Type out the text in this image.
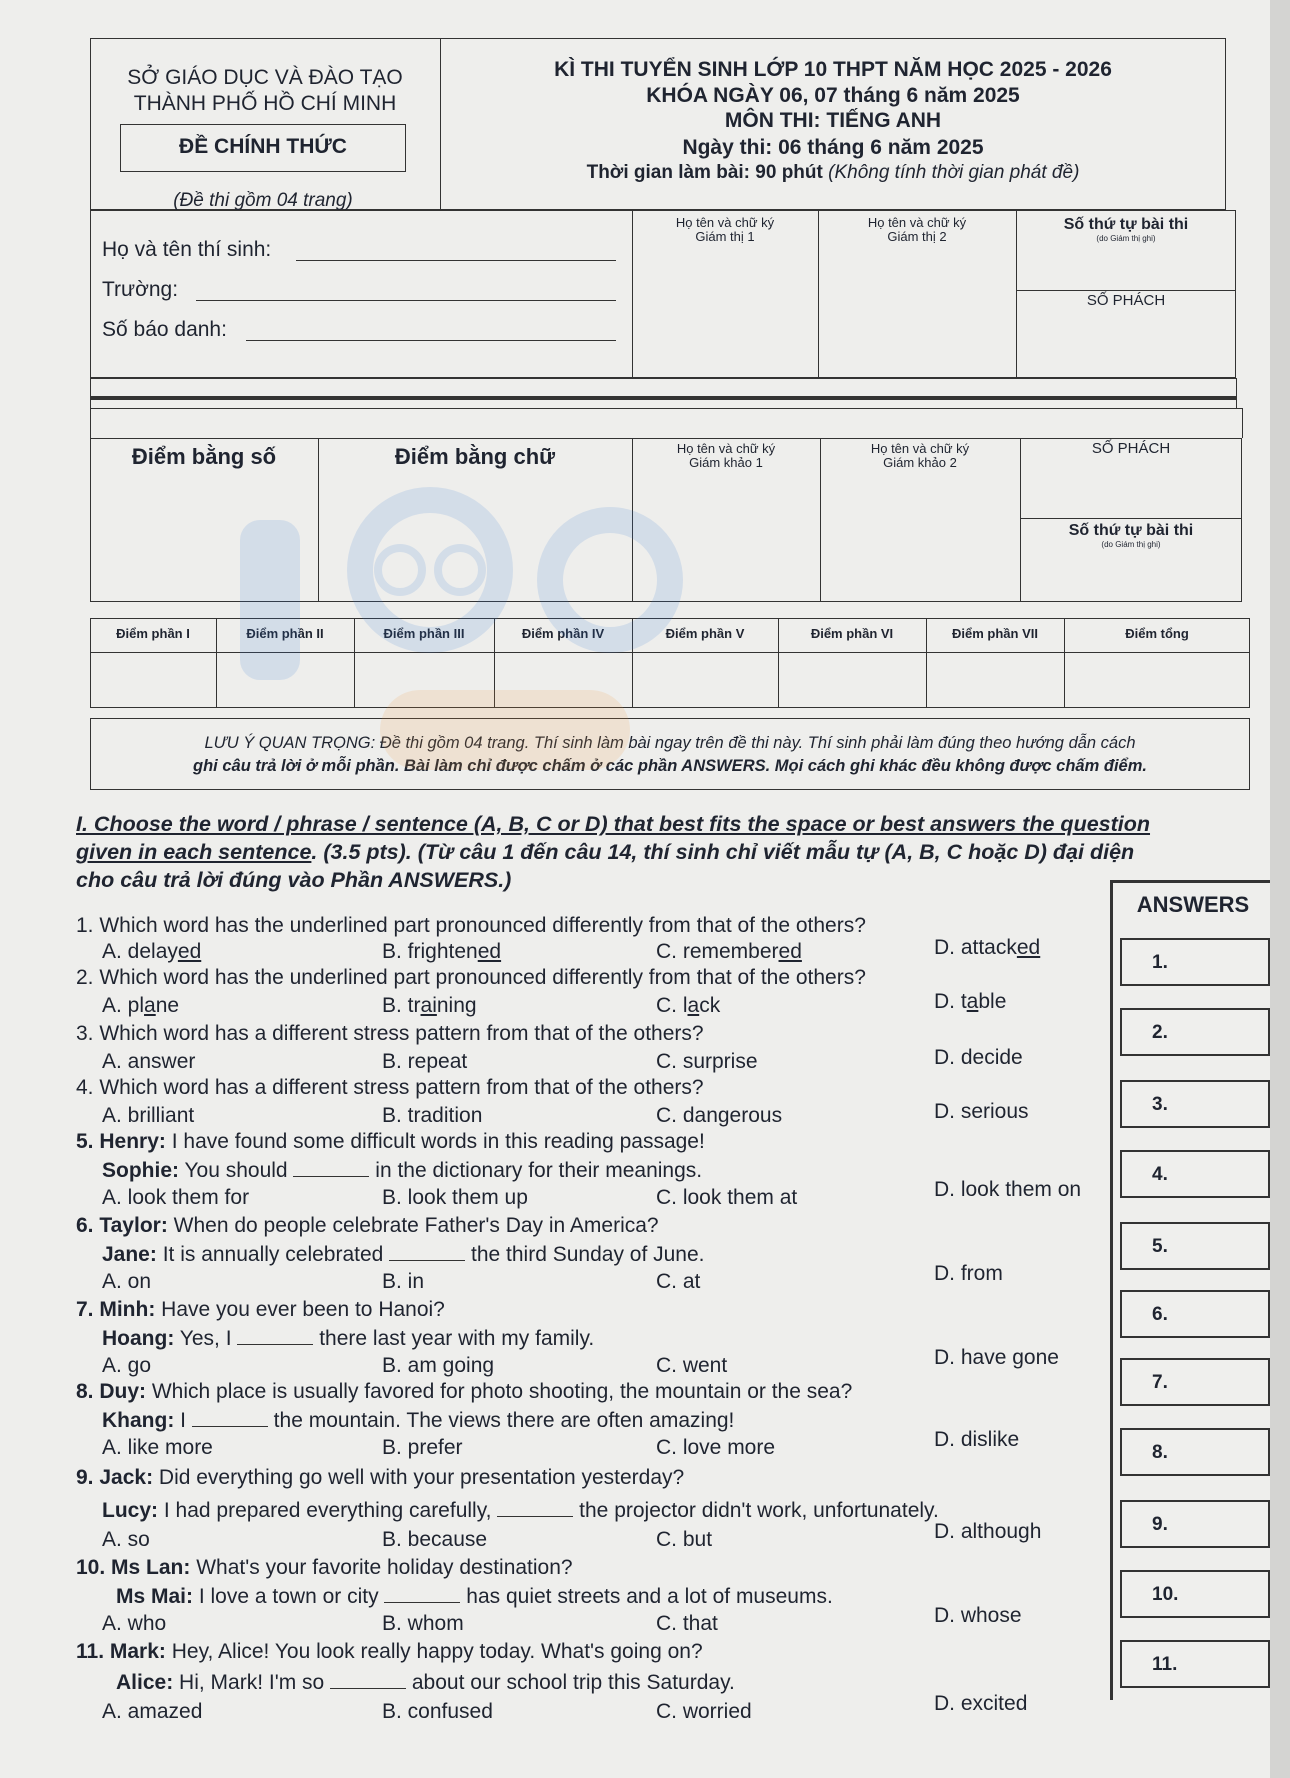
SỞ GIÁO DỤC VÀ ĐÀO TẠO
THÀNH PHỐ HỒ CHÍ MINH
ĐỀ CHÍNH THỨC
(Đề thi gồm 04 trang)
KÌ THI TUYỂN SINH LỚP 10 THPT NĂM HỌC 2025 - 2026
KHÓA NGÀY 06, 07 tháng 6 năm 2025
MÔN THI: TIẾNG ANH
Ngày thi: 06 tháng 6 năm 2025
Thời gian làm bài: 90 phút (Không tính thời gian phát đề)
Họ và tên thí sinh:
Trường:
Số báo danh:
Họ tên và chữ ký
Giám thị 1
Họ tên và chữ ký
Giám thị 2
Số thứ tự bài thi
(do Giám thị ghi)
SỐ PHÁCH
Điểm bằng số	Điểm bằng chữ	Họ tên và chữ ký
Giám khảo 1
Họ tên và chữ ký
Giám khảo 2
SỐ PHÁCH
Số thứ tự bài thi
(do Giám thị ghi)
Điểm phần I	Điểm phần II	Điểm phần III	Điểm phần IV	Điểm phần V	Điểm phần VI	Điểm phần VII	Điểm tổng
LƯU Ý QUAN TRỌNG: Đề thi gồm 04 trang. Thí sinh làm bài ngay trên đề thi này. Thí sinh phải làm đúng theo hướng dẫn cách
ghi câu trả lời ở mỗi phần. Bài làm chỉ được chấm ở các phần ANSWERS. Mọi cách ghi khác đều không được chấm điểm.
I. Choose the word / phrase / sentence (A, B, C or D) that best fits the space or best answers the question
given in each sentence. (3.5 pts). (Từ câu 1 đến câu 14, thí sinh chỉ viết mẫu tự (A, B, C hoặc D) đại diện
cho câu trả lời đúng vào Phần ANSWERS.)
ANSWERS
1.
2.
3.
4.
5.
6.
7.
8.
9.
10.
11.
1. Which word has the underlined part pronounced differently from that of the others?
A. delayed	B. frightened	C. remembered	D. attacked
2. Which word has the underlined part pronounced differently from that of the others?
A. plane	B. training	C. lack	D. table
3. Which word has a different stress pattern from that of the others?
A. answer	B. repeat	C. surprise	D. decide
4. Which word has a different stress pattern from that of the others?
A. brilliant	B. tradition	C. dangerous	D. serious
5. Henry: I have found some difficult words in this reading passage!
Sophie: You should	in the dictionary for their meanings.
A. look them for	B. look them up	C. look them at	D. look them on
6. Taylor: When do people celebrate Father's Day in America?
Jane: It is annually celebrated	the third Sunday of June.
A. on	B. in	C. at	D. from
7. Minh: Have you ever been to Hanoi?
Hoang: Yes, I	there last year with my family.
A. go	B. am going	C. went	D. have gone
8. Duy: Which place is usually favored for photo shooting, the mountain or the sea?
Khang: I	the mountain. The views there are often amazing!
A. like more	B. prefer	C. love more	D. dislike
9. Jack: Did everything go well with your presentation yesterday?
Lucy: I had prepared everything carefully,	the projector didn't work, unfortunately.
A. so	B. because	C. but	D. although
10. Ms Lan: What's your favorite holiday destination?
Ms Mai: I love a town or city	has quiet streets and a lot of museums.
A. who	B. whom	C. that	D. whose
11. Mark: Hey, Alice! You look really happy today. What's going on?
Alice: Hi, Mark! I'm so	about our school trip this Saturday.
A. amazed	B. confused	C. worried	D. excited
